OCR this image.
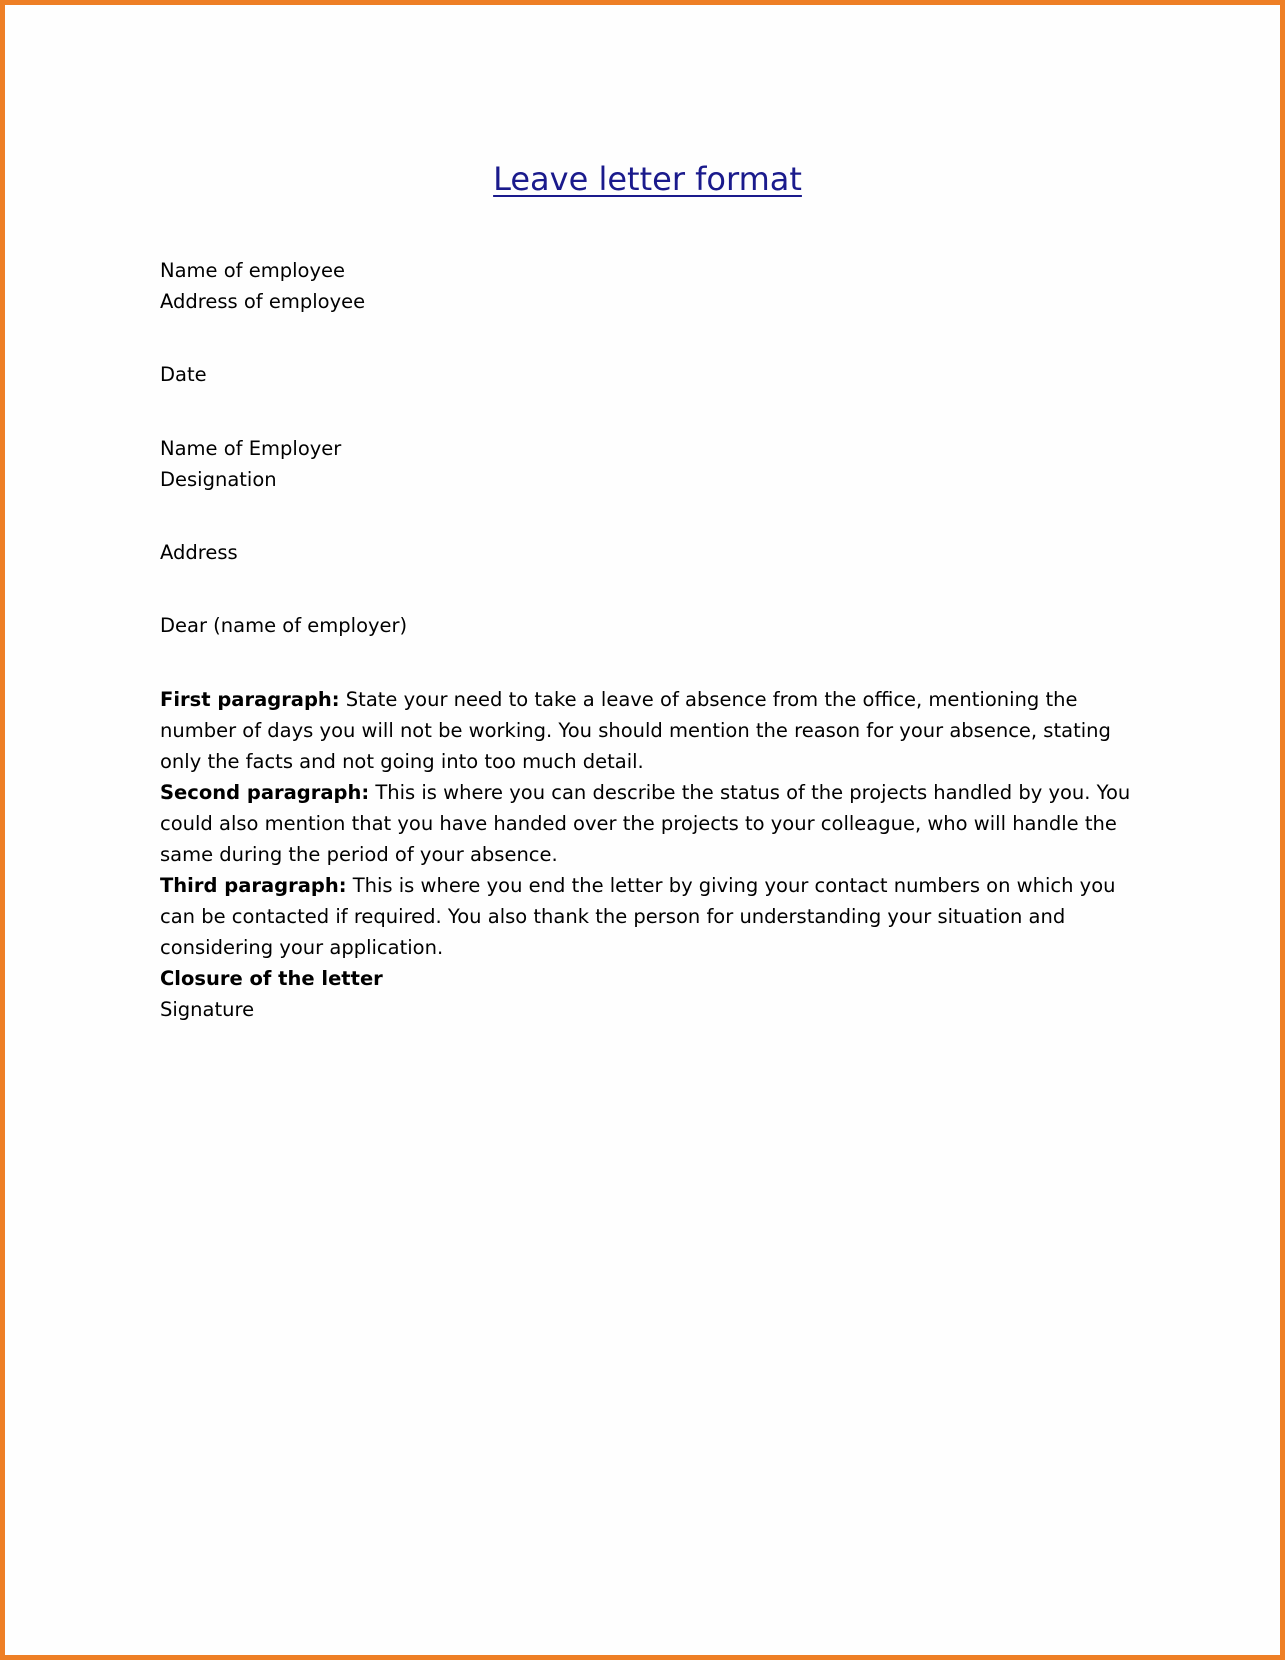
Leave letter format

Name of employee

Address of employee

Date

Name of Employer

Designation

Address

Dear (name of employer)

First paragraph: State your need to take a leave of absence from the office, mentioning the number of days you will not be working. You should mention the reason for your absence, stating only the facts and not going into too much detail.

Second paragraph: This is where you can describe the status of the projects handled by you. You could also mention that you have handed over the projects to your colleague, who will handle the same during the period of your absence.

Third paragraph: This is where you end the letter by giving your contact numbers on which you can be contacted if required. You also thank the person for understanding your situation and considering your application.

Closure of the letter

Signature
